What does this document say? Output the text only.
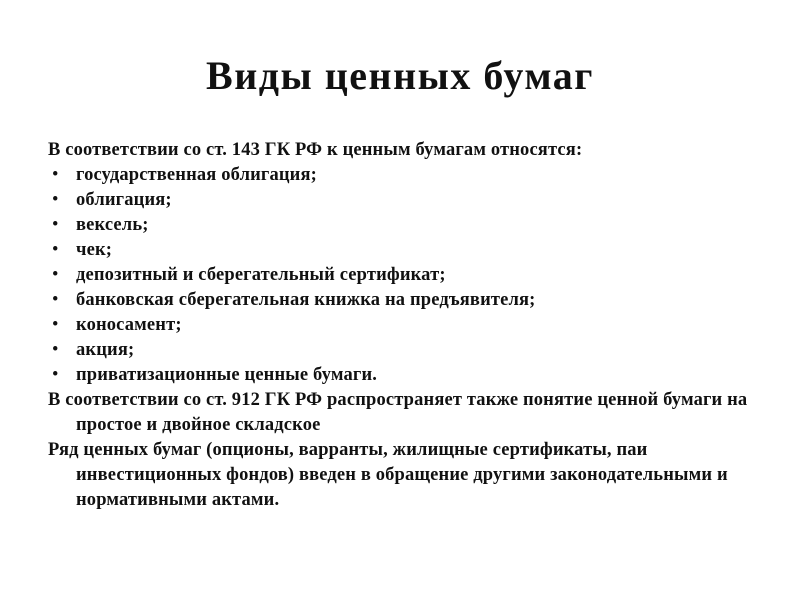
Виды ценных бумаг

В соответствии со ст. 143 ГК РФ к ценным бумагам относятся:

• государственная облигация;
• облигация;
• вексель;
• чек;
• депозитный и сберегательный сертификат;
• банковская сберегательная книжка на предъявителя;
• коносамент;
• акция;
• приватизационные ценные бумаги.

В соответствии со ст. 912 ГК РФ распространяет также понятие ценной бумаги на простое и двойное складское

Ряд ценных бумаг (опционы, варранты, жилищные сертификаты, паи инвестиционных фондов) введен в обращение другими законодательными и нормативными актами.
